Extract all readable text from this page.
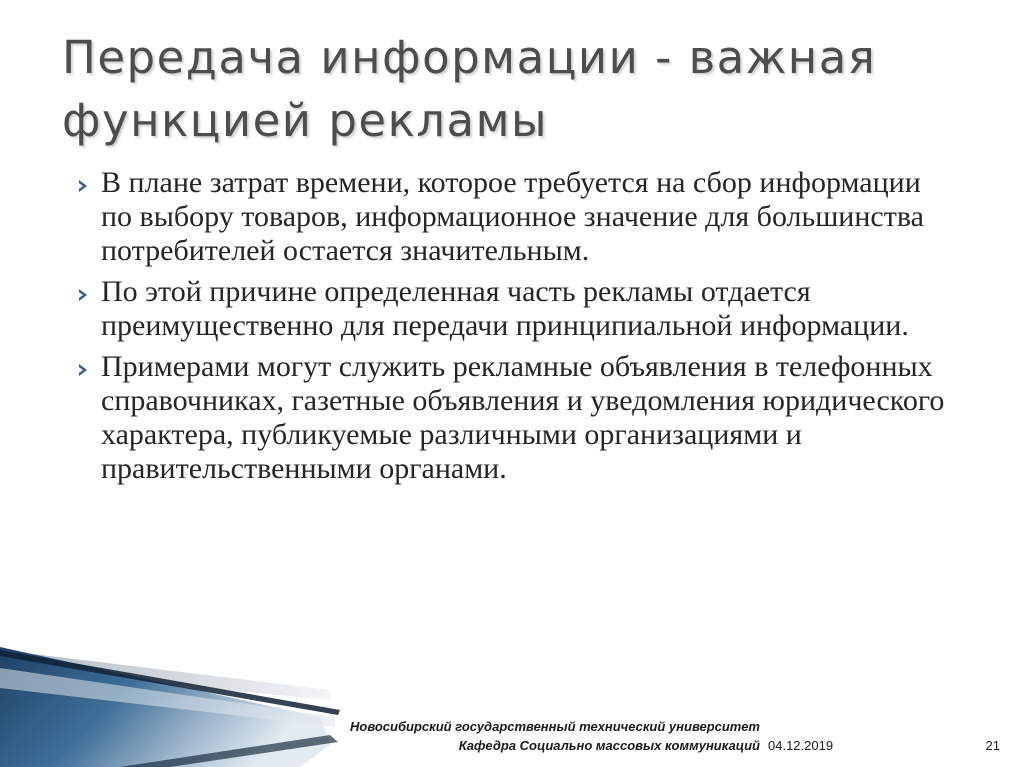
Передача информации - важная
функцией рекламы
В плане затрат времени, которое требуется на сбор информации по выбору товаров, информационное значение для большинства потребителей остается значительным.
По этой причине определенная часть рекламы отдается преимущественно для передачи принципиальной информации.
Примерами могут служить рекламные объявления в телефонных справочниках, газетные объявления и уведомления юридического характера, публикуемые различными организациями и правительственными органами.
Новосибирский государственный технический университет
Кафедра Социально массовых коммуникаций 04.12.2019	21
